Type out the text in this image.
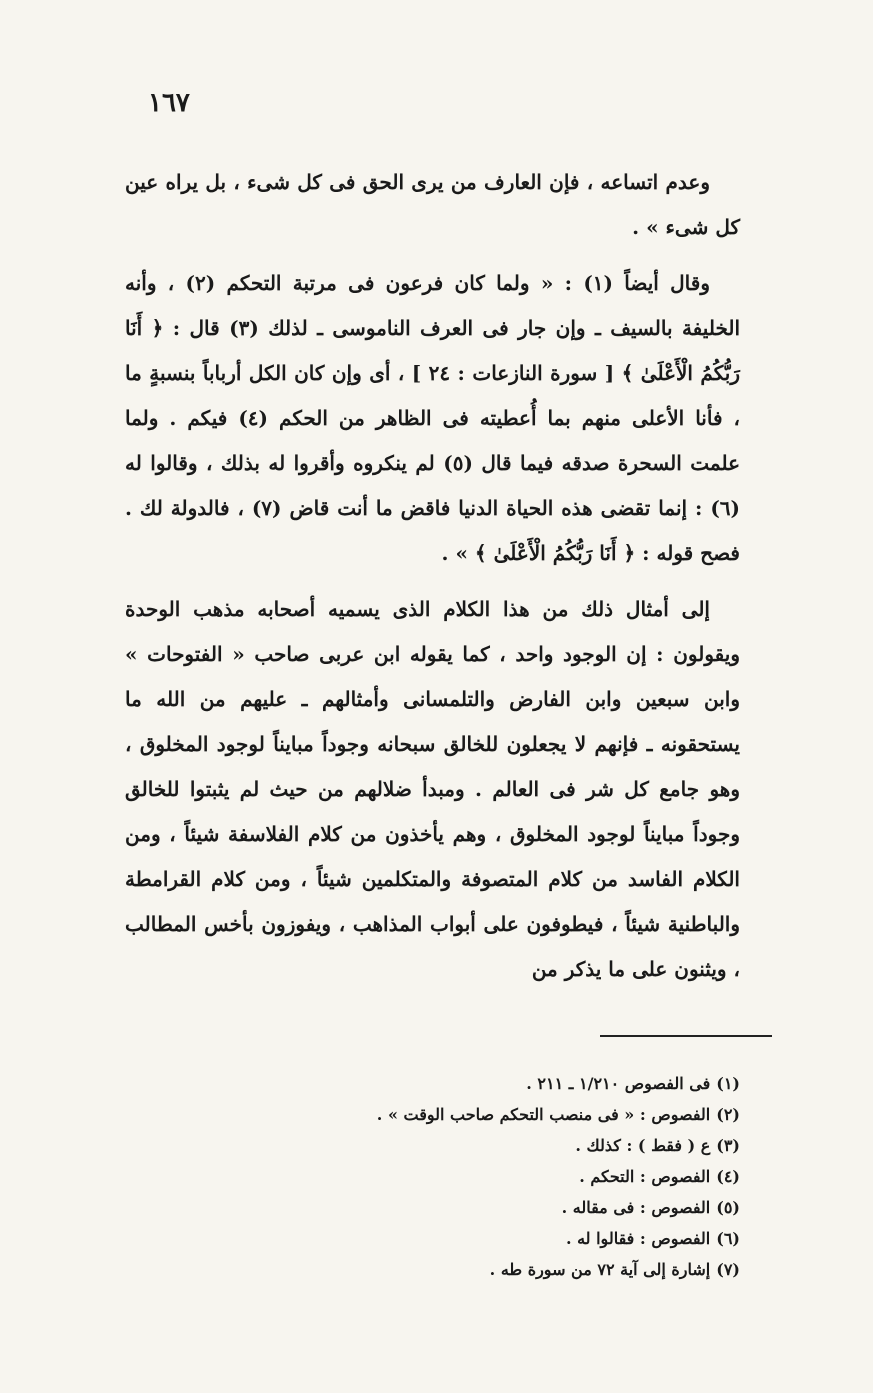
١٦٧

وعدم اتساعه ، فإن العارف من يرى الحق فى كل شىء ، بل يراه عين كل شىء » .

وقال أيضاً (١) : « ولما كان فرعون فى مرتبة التحكم (٢) ، وأنه الخليفة بالسيف ـ وإن جار فى العرف الناموسى ـ لذلك (٣) قال : ﴿ أَنَا رَبُّكُمُ الْأَعْلَىٰ ﴾ [ سورة النازعات : ٢٤ ] ، أى وإن كان الكل أرباباً بنسبةٍ ما ، فأنا الأعلى منهم بما أُعطيته فى الظاهر من الحكم (٤) فيكم . ولما علمت السحرة صدقه فيما قال (٥) لم ينكروه وأقروا له بذلك ، وقالوا له (٦) : إنما تقضى هذه الحياة الدنيا فاقض ما أنت قاض (٧) ، فالدولة لك . فصح قوله : ﴿ أَنَا رَبُّكُمُ الْأَعْلَىٰ ﴾ » .

إلى أمثال ذلك من هذا الكلام الذى يسميه أصحابه مذهب الوحدة ويقولون : إن الوجود واحد ، كما يقوله ابن عربى صاحب « الفتوحات » وابن سبعين وابن الفارض والتلمسانى وأمثالهم ـ عليهم من الله ما يستحقونه ـ فإنهم لا يجعلون للخالق سبحانه وجوداً مبايناً لوجود المخلوق ، وهو جامع كل شر فى العالم . ومبدأ ضلالهم من حيث لم يثبتوا للخالق وجوداً مبايناً لوجود المخلوق ، وهم يأخذون من كلام الفلاسفة شيئاً ، ومن الكلام الفاسد من كلام المتصوفة والمتكلمين شيئاً ، ومن كلام القرامطة والباطنية شيئاً ، فيطوفون على أبواب المذاهب ، ويفوزون بأخس المطالب ، ويثنون على ما يذكر من

(١)فى الفصوص ١/٢١٠ ـ ٢١١ .
(٢)الفصوص : « فى منصب التحكم صاحب الوقت » .
(٣)ع ( فقط ) : كذلك .
(٤)الفصوص : التحكم .
(٥)الفصوص : فى مقاله .
(٦)الفصوص : فقالوا له .
(٧)إشارة إلى آية ٧٢ من سورة طه .
